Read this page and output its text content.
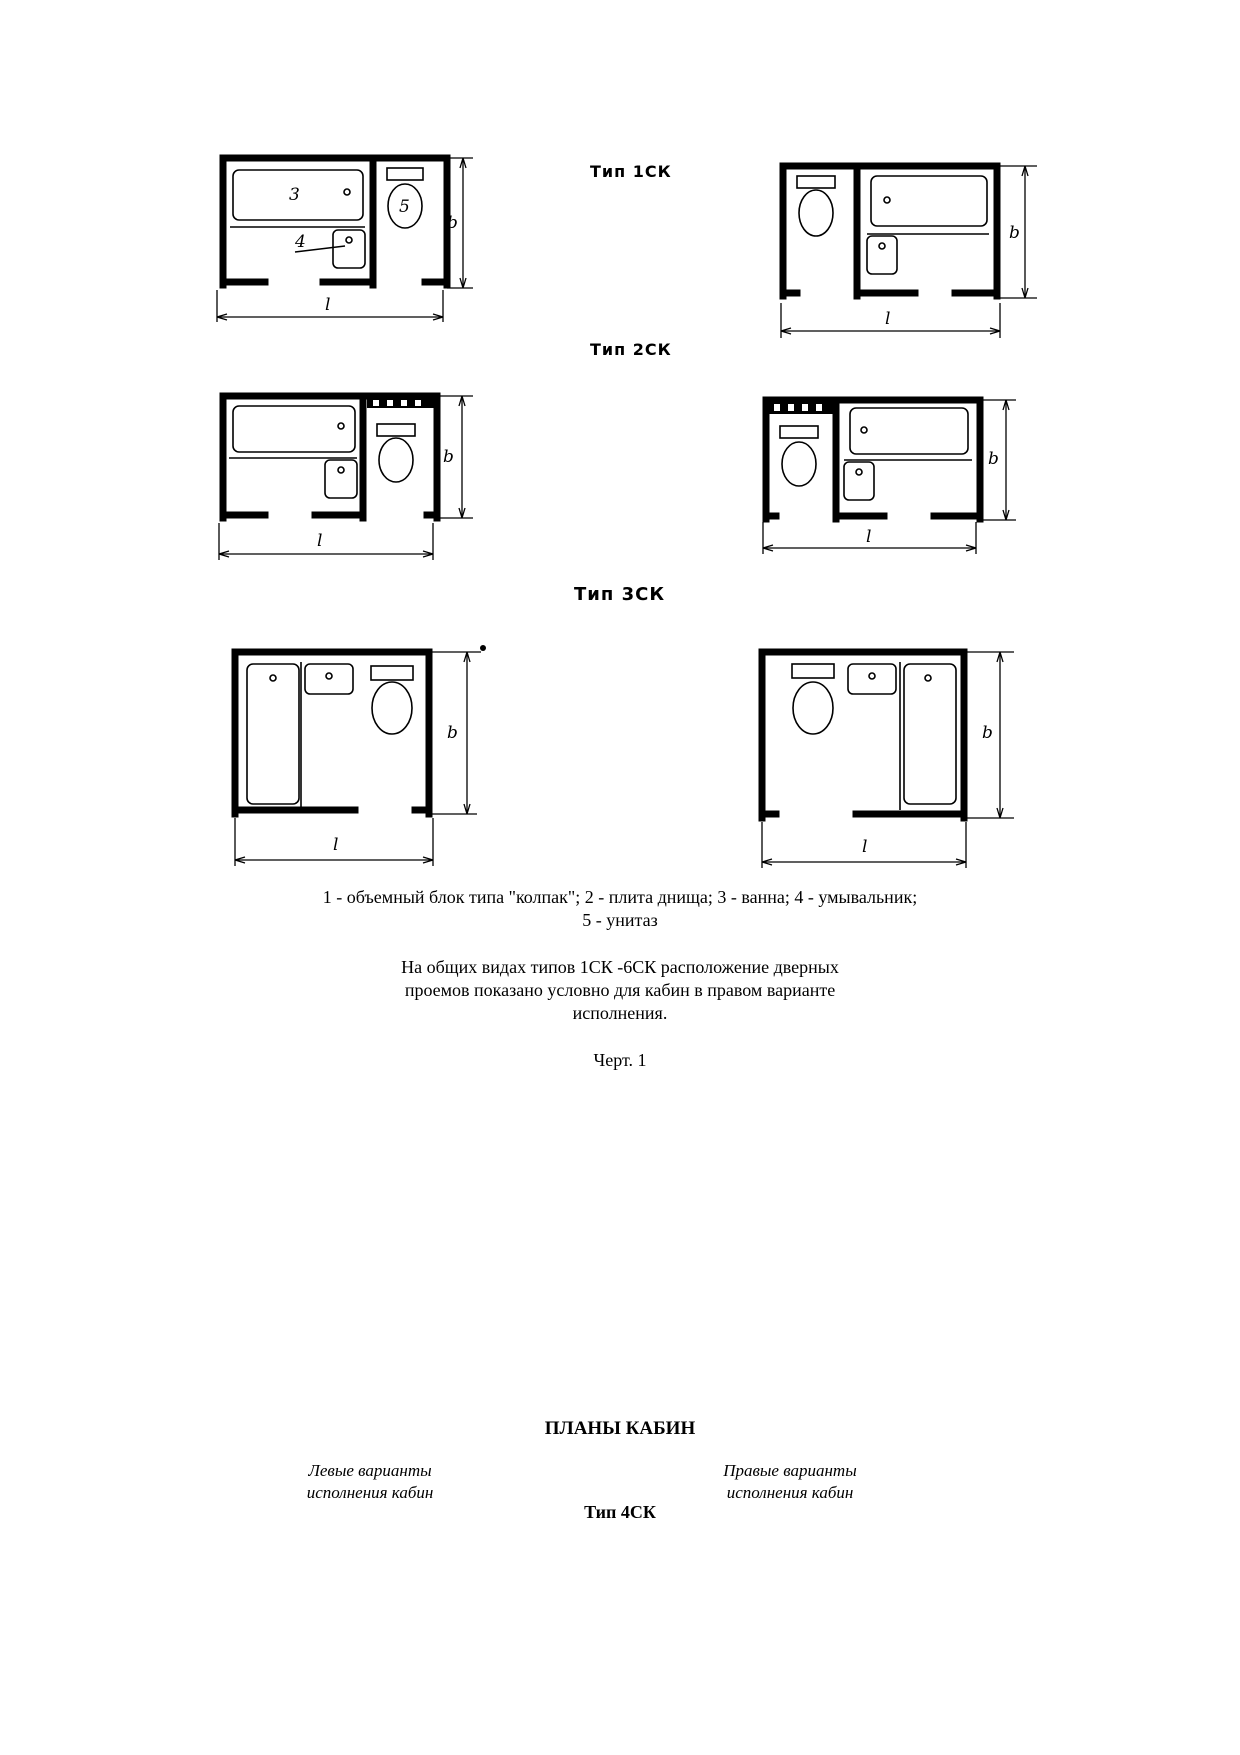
Тип 1СК
3
4
5
l
b
l
b
Тип 2СК
l
b
l
b
Тип 3СК
l
b
l
b
1 - объемный блок типа "колпак"; 2 - плита днища; 3 - ванна; 4 - умывальник;
5 - унитаз
На общих видах типов 1СК -6СК расположение дверных
проемов показано условно для кабин в правом варианте
исполнения.
Черт. 1
ПЛАНЫ КАБИН
Левые варианты
исполнения кабин
Правые варианты
исполнения кабин
Тип 4СК
